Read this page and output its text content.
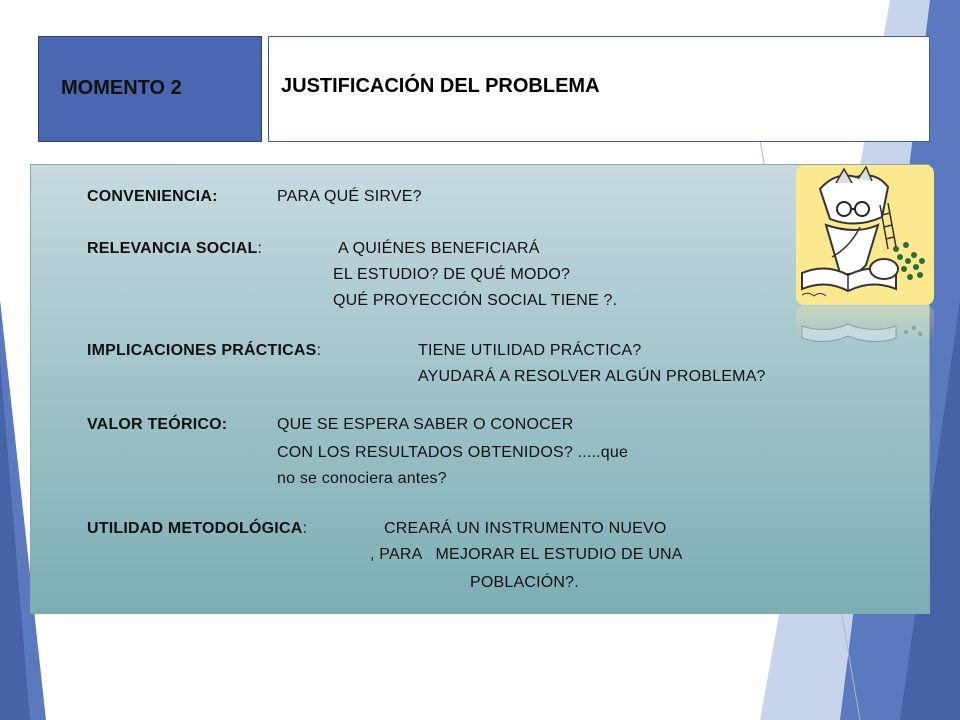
MOMENTO 2	JUSTIFICACIÓN DEL PROBLEMA
CONVENIENCIA:	PARA QUÉ SIRVE?
RELEVANCIA SOCIAL:	A QUIÉNES BENEFICIARÁ
EL ESTUDIO? DE QUÉ MODO?
QUÉ PROYECCIÓN SOCIAL TIENE ?.
IMPLICACIONES PRÁCTICAS:	TIENE UTILIDAD PRÁCTICA?
AYUDARÁ A RESOLVER ALGÚN PROBLEMA?
VALOR TEÓRICO:	QUE SE ESPERA SABER O CONOCER
CON LOS RESULTADOS OBTENIDOS? .....que
no se conociera antes?
UTILIDAD METODOLÓGICA:	CREARÁ UN INSTRUMENTO NUEVO
, PARA   MEJORAR EL ESTUDIO DE UNA
POBLACIÓN?.
